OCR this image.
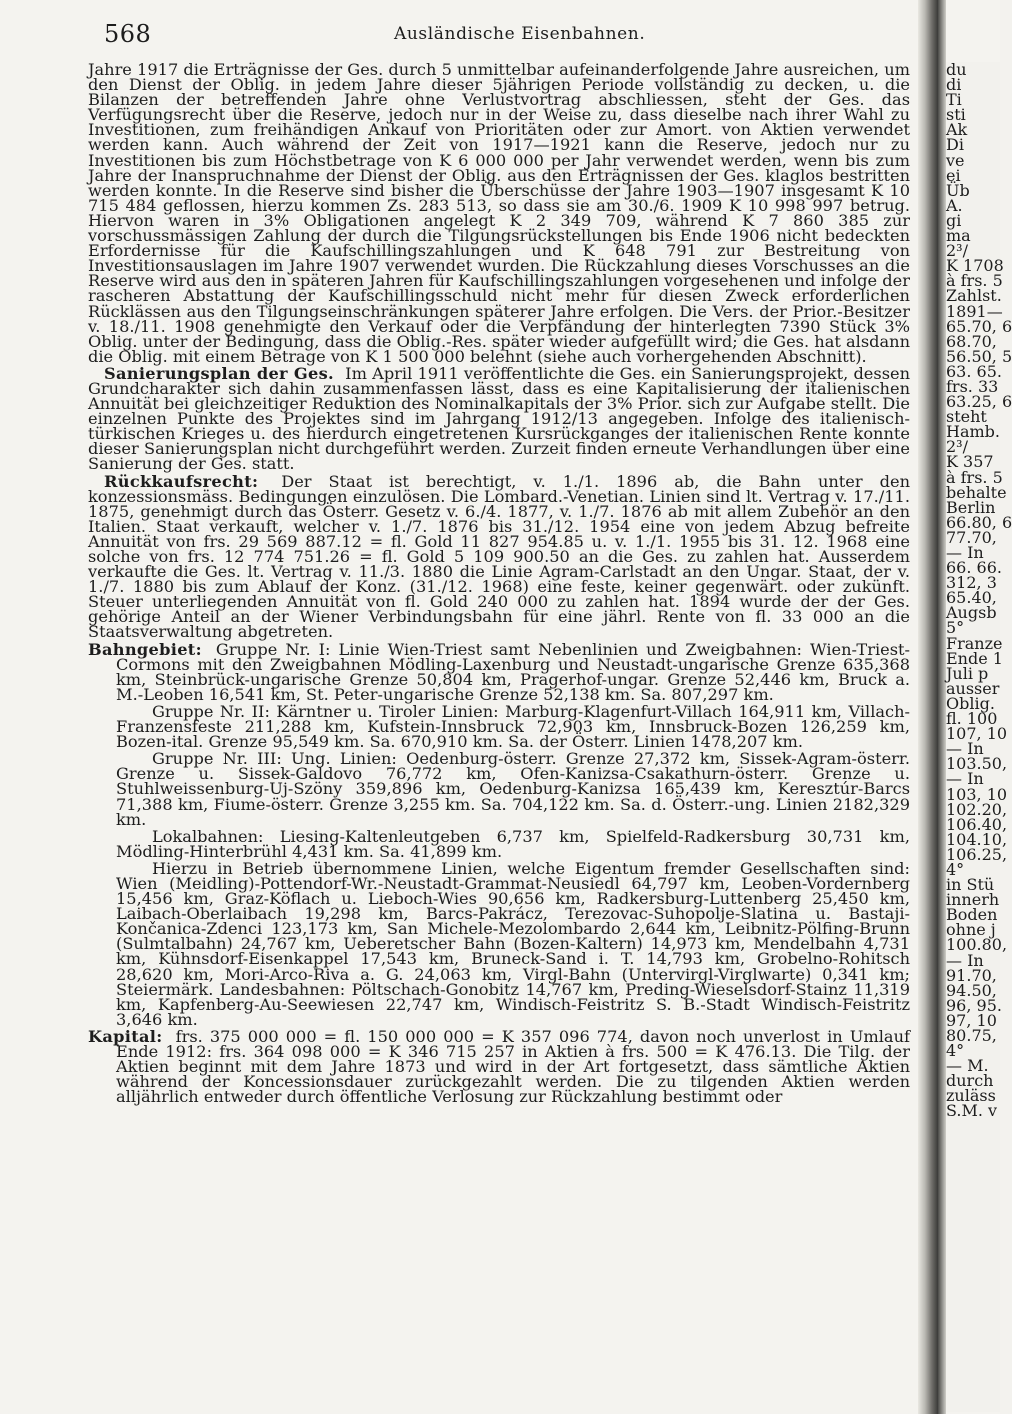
568	Ausländische Eisenbahnen.

Jahre 1917 die Erträgnisse der Ges. durch 5 unmittelbar aufeinanderfolgende Jahre ausreichen, um den Dienst der Oblig. in jedem Jahre dieser 5jährigen Periode vollständig zu decken, u. die Bilanzen der betreffenden Jahre ohne Verlustvortrag abschliessen, steht der Ges. das Verfügungsrecht über die Reserve, jedoch nur in der Weise zu, dass dieselbe nach ihrer Wahl zu Investitionen, zum freihändigen Ankauf von Prioritäten oder zur Amort. von Aktien verwendet werden kann. Auch während der Zeit von 1917—1921 kann die Reserve, jedoch nur zu Investitionen bis zum Höchstbetrage von K 6 000 000 per Jahr verwendet werden, wenn bis zum Jahre der Inanspruchnahme der Dienst der Oblig. aus den Erträgnissen der Ges. klaglos bestritten werden konnte. In die Reserve sind bisher die Überschüsse der Jahre 1903—1907 insgesamt K 10 715 484 geflossen, hierzu kommen Zs. 283 513, so dass sie am 30./6. 1909 K 10 998 997 betrug. Hiervon waren in 3% Obligationen angelegt K 2 349 709, während K 7 860 385 zur vorschussmässigen Zahlung der durch die Tilgungsrückstellungen bis Ende 1906 nicht bedeckten Erfordernisse für die Kaufschillingszahlungen und K 648 791 zur Bestreitung von Investitionsauslagen im Jahre 1907 verwendet wurden. Die Rückzahlung dieses Vorschusses an die Reserve wird aus den in späteren Jahren für Kaufschillingszahlungen vorgesehenen und infolge der rascheren Abstattung der Kaufschillingsschuld nicht mehr für diesen Zweck erforderlichen Rücklässen aus den Tilgungseinschränkungen späterer Jahre erfolgen. Die Vers. der Prior.-Besitzer v. 18./11. 1908 genehmigte den Verkauf oder die Verpfändung der hinterlegten 7390 Stück 3% Oblig. unter der Bedingung, dass die Oblig.-Res. später wieder aufgefüllt wird; die Ges. hat alsdann die Oblig. mit einem Betrage von K 1 500 000 belehnt (siehe auch vorhergehenden Abschnitt).

Sanierungsplan der Ges. Im April 1911 veröffentlichte die Ges. ein Sanierungsprojekt, dessen Grundcharakter sich dahin zusammenfassen lässt, dass es eine Kapitalisierung der italienischen Annuität bei gleichzeitiger Reduktion des Nominalkapitals der 3% Prior. sich zur Aufgabe stellt. Die einzelnen Punkte des Projektes sind im Jahrgang 1912/13 angegeben. Infolge des italienisch-türkischen Krieges u. des hierdurch eingetretenen Kursrückganges der italienischen Rente konnte dieser Sanierungsplan nicht durchgeführt werden. Zurzeit finden erneute Verhandlungen über eine Sanierung der Ges. statt.

Rückkaufsrecht: Der Staat ist berechtigt, v. 1./1. 1896 ab, die Bahn unter den konzessionsmäss. Bedingungen einzulösen. Die Lombard.-Venetian. Linien sind lt. Vertrag v. 17./11. 1875, genehmigt durch das Österr. Gesetz v. 6./4. 1877, v. 1./7. 1876 ab mit allem Zubehör an den Italien. Staat verkauft, welcher v. 1./7. 1876 bis 31./12. 1954 eine von jedem Abzug befreite Annuität von frs. 29 569 887.12 = fl. Gold 11 827 954.85 u. v. 1./1. 1955 bis 31. 12. 1968 eine solche von frs. 12 774 751.26 = fl. Gold 5 109 900.50 an die Ges. zu zahlen hat. Ausserdem verkaufte die Ges. lt. Vertrag v. 11./3. 1880 die Linie Agram-Carlstadt an den Ungar. Staat, der v. 1./7. 1880 bis zum Ablauf der Konz. (31./12. 1968) eine feste, keiner gegenwärt. oder zukünft. Steuer unterliegenden Annuität von fl. Gold 240 000 zu zahlen hat. 1894 wurde der der Ges. gehörige Anteil an der Wiener Verbindungsbahn für eine jährl. Rente von fl. 33 000 an die Staatsverwaltung abgetreten.

Bahngebiet: Gruppe Nr. I: Linie Wien-Triest samt Nebenlinien und Zweigbahnen: Wien-Triest-Cormons mit den Zweigbahnen Mödling-Laxenburg und Neustadt-ungarische Grenze 635,368 km, Steinbrück-ungarische Grenze 50,804 km, Pragerhof-ungar. Grenze 52,446 km, Bruck a. M.-Leoben 16,541 km, St. Peter-ungarische Grenze 52,138 km. Sa. 807,297 km.

Gruppe Nr. II: Kärntner u. Tiroler Linien: Marburg-Klagenfurt-Villach 164,911 km, Villach-Franzensfeste 211,288 km, Kufstein-Innsbruck 72,903 km, Innsbruck-Bozen 126,259 km, Bozen-ital. Grenze 95,549 km. Sa. 670,910 km. Sa. der Österr. Linien 1478,207 km.

Gruppe Nr. III: Ung. Linien: Oedenburg-österr. Grenze 27,372 km, Sissek-Agram-österr. Grenze u. Sissek-Galdovo 76,772 km, Ofen-Kanizsa-Csakathurn-österr. Grenze u. Stuhlweissenburg-Uj-Szöny 359,896 km, Oedenburg-Kanizsa 165,439 km, Keresztúr-Barcs 71,388 km, Fiume-österr. Grenze 3,255 km. Sa. 704,122 km. Sa. d. Österr.-ung. Linien 2182,329 km.

Lokalbahnen: Liesing-Kaltenleutgeben 6,737 km, Spielfeld-Radkersburg 30,731 km, Mödling-Hinterbrühl 4,431 km. Sa. 41,899 km.

Hierzu in Betrieb übernommene Linien, welche Eigentum fremder Gesellschaften sind: Wien (Meidling)-Pottendorf-Wr.-Neustadt-Grammat-Neusiedl 64,797 km, Leoben-Vordernberg 15,456 km, Graz-Köflach u. Lieboch-Wies 90,656 km, Radkersburg-Luttenberg 25,450 km, Laibach-Oberlaibach 19,298 km, Barcs-Pakrácz, Terezovac-Suhopolje-Slatina u. Bastaji-Končanica-Zdenci 123,173 km, San Michele-Mezolombardo 2,644 km, Leibnitz-Pölfing-Brunn (Sulmtalbahn) 24,767 km, Ueberetscher Bahn (Bozen-Kaltern) 14,973 km, Mendelbahn 4,731 km, Kühnsdorf-Eisenkappel 17,543 km, Bruneck-Sand i. T. 14,793 km, Grobelno-Rohitsch 28,620 km, Mori-Arco-Riva a. G. 24,063 km, Virgl-Bahn (Untervirgl-Virglwarte) 0,341 km; Steiermärk. Landesbahnen: Pöltschach-Gonobitz 14,767 km, Preding-Wieselsdorf-Stainz 11,319 km, Kapfenberg-Au-Seewiesen 22,747 km, Windisch-Feistritz S. B.-Stadt Windisch-Feistritz 3,646 km.

Kapital: frs. 375 000 000 = fl. 150 000 000 = K 357 096 774, davon noch unverlost in Umlauf Ende 1912: frs. 364 098 000 = K 346 715 257 in Aktien à frs. 500 = K 476.13. Die Tilg. der Aktien beginnt mit dem Jahre 1873 und wird in der Art fortgesetzt, dass sämtliche Aktien während der Koncessionsdauer zurückgezahlt werden. Die zu tilgenden Aktien werden alljährlich entweder durch öffentliche Verlosung zur Rückzahlung bestimmt oder

du
di
Ti
sti
Ak
Di
ve
ei
Üb
A.
gi
ma
2³/
K 1708
à frs. 5
Zahlst.
1891—
65.70, 6
68.70,
56.50, 5
63. 65.
frs. 33
63.25, 6
steht
Hamb.
2³/
K 357
à frs. 5
behalte
Berlin
66.80, 6
77.70,
— In
66. 66.
312, 3
65.40,
Augsb
5°
Franze
Ende 1
Juli p
ausser
Oblig.
fl. 100
107, 10
— In
103.50,
— In
103, 10
102.20,
106.40,
104.10,
106.25,
4°
in Stü
innerh
Boden
ohne j
100.80,
— In
91.70,
94.50,
96, 95.
97, 10
80.75,
4°
— M.
durch
zuläss
S.M. v
